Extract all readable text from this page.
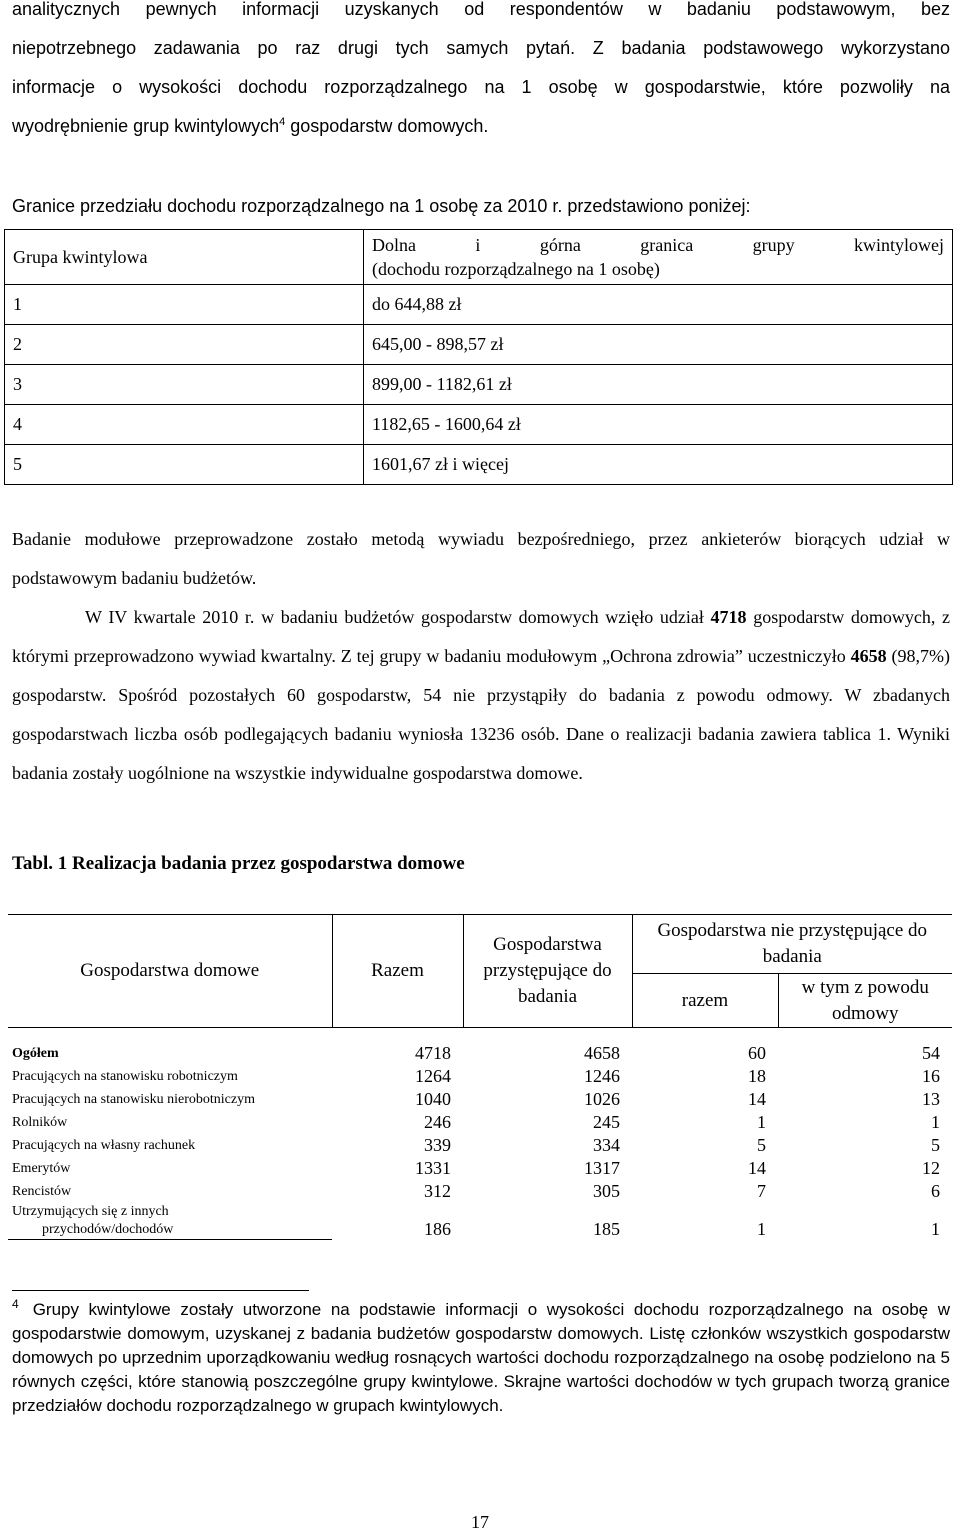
analitycznych pewnych informacji uzyskanych od respondentów w badaniu podstawowym, bez
niepotrzebnego zadawania po raz drugi tych samych pytań. Z badania podstawowego wykorzystano
informacje o wysokości dochodu rozporządzalnego na 1 osobę w gospodarstwie, które pozwoliły na
wyodrębnienie grup kwintylowych$^4$ gospodarstw domowych.

Granice przedziału dochodu rozporządzalnego na 1 osobę za 2010 r. przedstawiono poniżej:

Grupa kwintylowa	Dolna i górna granica grupy kwintylowej
(dochodu rozporządzalnego na 1 osobę)

1	do 644,88 zł
2	645,00 - 898,57 zł
3	899,00 - 1182,61 zł
4	1182,65 - 1600,64 zł
5	1601,67 zł i więcej

Badanie modułowe przeprowadzone zostało metodą wywiadu bezpośredniego, przez ankieterów biorących udział w podstawowym badaniu budżetów.

W IV kwartale 2010 r. w badaniu budżetów gospodarstw domowych wzięło udział 4718 gospodarstw domowych, z którymi przeprowadzono wywiad kwartalny. Z tej grupy w badaniu modułowym „Ochrona zdrowia” uczestniczyło 4658 (98,7%) gospodarstw. Spośród pozostałych 60 gospodarstw, 54 nie przystąpiły do badania z powodu odmowy. W zbadanych gospodarstwach liczba osób podlegających badaniu wyniosła 13236 osób. Dane o realizacji badania zawiera tablica 1. Wyniki badania zostały uogólnione na wszystkie indywidualne gospodarstwa domowe.

Tabl. 1 Realizacja badania przez gospodarstwa domowe

Gospodarstwa domowe	Razem	Gospodarstwa przystępujące do badania	Gospodarstwa nie przystępujące do badania	
			razem	w tym z powodu odmowy
Ogółem	4718	4658	60	54
Pracujących na stanowisku robotniczym	1264	1246	18	16
Pracujących na stanowisku nierobotniczym	1040	1026	14	13
Rolników	246	245	1	1
Pracujących na własny rachunek	339	334	5	5
Emerytów	1331	1317	14	12
Rencistów	312	305	7	6

Utrzymujących się z innych
przychodów/dochodów	186	185	1	1

$^4$ Grupy kwintylowe zostały utworzone na podstawie informacji o wysokości dochodu rozporządzalnego na osobę w gospodarstwie domowym, uzyskanej z badania budżetów gospodarstw domowych. Listę członków wszystkich gospodarstw domowych po uprzednim uporządkowaniu według rosnących wartości dochodu rozporządzalnego na osobę podzielono na 5 równych części, które stanowią poszczególne grupy kwintylowe. Skrajne wartości dochodów w tych grupach tworzą granice przedziałów dochodu rozporządzalnego w grupach kwintylowych.

17
